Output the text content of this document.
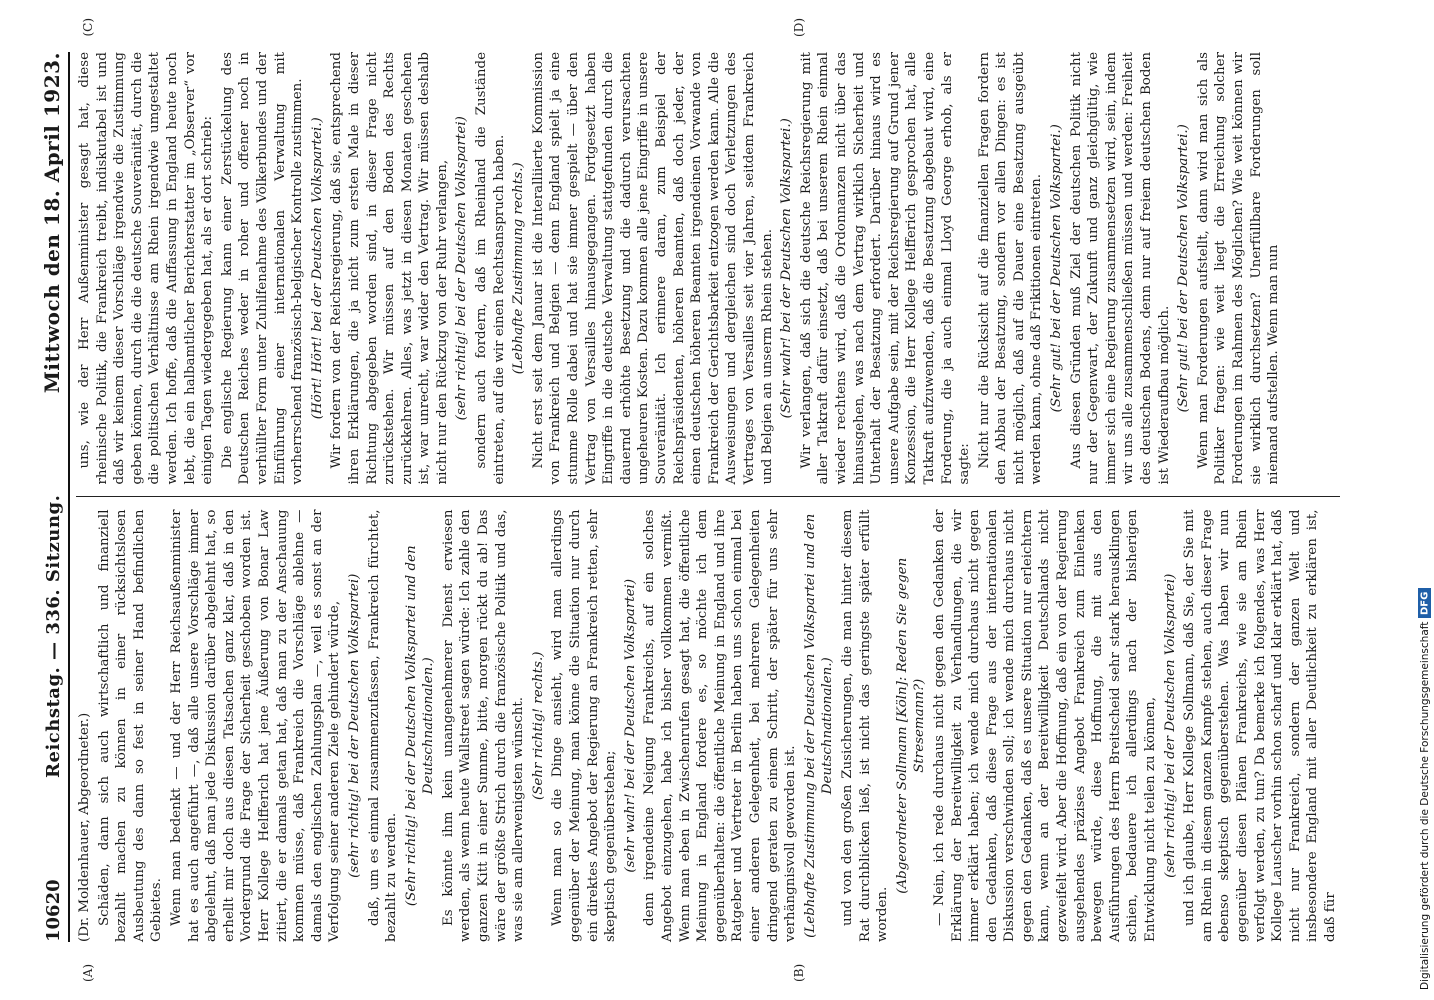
10620
Reichstag. — 336. Sitzung.
Mittwoch den 18. April 1923.
(A)	(B)

(Dr. Moldenhauer, Abgeordneter.) Schäden, dann sich auch wirtschaftlich und finanziell bezahlt machen zu können in einer rücksichtslosen Ausbeutung des dann so fest in seiner Hand befindlichen Gebietes. Wenn man bedenkt — und der Herr Reichsaußenminister hat es auch angeführt —, daß alle unsere Vorschläge immer abgelehnt, daß man jede Diskussion darüber abgelehnt hat, so erhellt mir doch aus diesen Tatsachen ganz klar, daß in den Vordergrund die Frage der Sicherheit geschoben worden ist. Herr Kollege Helfferich hat jene Äußerung von Bonar Law zitiert, die er damals getan hat, daß man zu der Anschauung kommen müsse, daß Frankreich die Vorschläge ablehne — damals den englischen Zahlungsplan —, weil es sonst an der Verfolgung seiner anderen Ziele gehindert würde, (sehr richtig! bei der Deutschen Volkspartei) daß, um es einmal zusammenzufassen, Frankreich fürchtet, bezahlt zu werden. (Sehr richtig! bei der Deutschen Volkspartei und den Deutschnationalen.) Es könnte ihm kein unangenehmerer Dienst erwiesen werden, als wenn heute Wallstreet sagen würde: Ich zahle den ganzen Kitt in einer Summe, bitte, morgen rückt du ab! Das wäre der größte Strich durch die französische Politik und das, was sie am allerwenigsten wünscht. (Sehr richtig! rechts.) Wenn man so die Dinge ansieht, wird man allerdings gegenüber der Meinung, man könne die Situation nur durch ein direktes Angebot der Regierung an Frankreich retten, sehr skeptisch gegenüberstehen; (sehr wahr! bei der Deutschen Volkspartei) denn irgendeine Neigung Frankreichs, auf ein solches Angebot einzugehen, habe ich bisher vollkommen vermißt. Wenn man eben in Zwischenrufen gesagt hat, die öffentliche Meinung in England fordere es, so möchte ich dem gegenüberhalten: die öffentliche Meinung in England und ihre Ratgeber und Vertreter in Berlin haben uns schon einmal bei einer anderen Gelegenheit, bei mehreren Gelegenheiten dringend geraten zu einem Schritt, der später für uns sehr verhängnisvoll geworden ist. (Lebhafte Zustimmung bei der Deutschen Volkspartei und den Deutschnationalen.) und von den großen Zusicherungen, die man hinter diesem Rat durchblicken ließ, ist nicht das geringste später erfüllt worden.

(Abgeordneter Sollmann [Köln]: Reden Sie gegen Stresemann?) — Nein, ich rede durchaus nicht gegen den Gedanken der Erklärung der Bereitwilligkeit zu Verhandlungen, die wir immer erklärt haben; ich wende mich durchaus nicht gegen den Gedanken, daß diese Frage aus der internationalen Diskussion verschwinden soll; ich wende mich durchaus nicht gegen den Gedanken, daß es unsere Situation nur erleichtern kann, wenn an der Bereitwilligkeit Deutschlands nicht gezweifelt wird. Aber die Hoffnung, daß ein von der Regierung ausgehendes präzises Angebot Frankreich zum Einlenken bewegen würde, diese Hoffnung, die mit aus den Ausführungen des Herrn Breitscheid sehr stark herausklingen schien, bedauere ich allerdings nach der bisherigen Entwicklung nicht teilen zu können, (sehr richtig! bei der Deutschen Volkspartei) und ich glaube, Herr Kollege Sollmann, daß Sie, der Sie mit am Rhein in diesem ganzen Kampfe stehen, auch dieser Frage ebenso skeptisch gegenüberstehen. Was haben wir nun gegenüber diesen Plänen Frankreichs, wie sie am Rhein verfolgt werden, zu tun? Da bemerke ich folgendes, was Herr Kollege Lauscher vorhin schon scharf und klar erklärt hat, daß nicht nur Frankreich, sondern der ganzen Welt und insbesondere England mit aller Deutlichkeit zu erklären ist, daß für

(C)	(D)

uns, wie der Herr Außenminister gesagt hat, diese rheinische Politik, die Frankreich treibt, indiskutabel ist und daß wir keinem dieser Vorschläge irgendwie die Zustimmung geben können, durch die die deutsche Souveränität, durch die die politischen Verhältnisse am Rhein irgendwie umgestaltet werden. Ich hoffe, daß die Auffassung in England heute noch lebt, die ein halbamtlicher Berichterstatter im „Observer“ vor einigen Tagen wiedergegeben hat, als er dort schrieb: Die englische Regierung kann einer Zerstückelung des Deutschen Reiches weder in roher und offener noch in verhüllter Form unter Zuhilfenahme des Völkerbundes und der Einführung einer internationalen Verwaltung mit vorherrschend französisch-belgischer Kontrolle zustimmen. (Hört! Hört! bei der Deutschen Volkspartei.) Wir fordern von der Reichsregierung, daß sie, entsprechend ihren Erklärungen, die ja nicht zum ersten Male in dieser Richtung abgegeben worden sind, in dieser Frage nicht zurückstehen. Wir müssen auf den Boden des Rechts zurückkehren. Alles, was jetzt in diesen Monaten geschehen ist, war unrecht, war wider den Vertrag. Wir müssen deshalb nicht nur den Rückzug von der Ruhr verlangen, (sehr richtig! bei der Deutschen Volkspartei) sondern auch fordern, daß im Rheinland die Zustände eintreten, auf die wir einen Rechtsanspruch haben. (Lebhafte Zustimmung rechts.) Nicht erst seit dem Januar ist die Interalliierte Kommission von Frankreich und Belgien — denn England spielt ja eine stumme Rolle dabei und hat sie immer gespielt — über den Vertrag von Versailles hinausgegangen. Fortgesetzt haben Eingriffe in die deutsche Verwaltung stattgefunden durch die dauernd erhöhte Besetzung und die dadurch verursachten ungeheuren Kosten. Dazu kommen alle jene Eingriffe in unsere Souveränität. Ich erinnere daran, zum Beispiel der Reichspräsidenten, höheren Beamten, daß doch jeder, der einen deutschen höheren Beamten irgendeinen Vorwande von Frankreich der Gerichtsbarkeit entzogen werden kann. Alle die Ausweisungen und dergleichen sind doch Verletzungen des Vertrages von Versailles seit vier Jahren, seitdem Frankreich und Belgien an unserm Rhein stehen. (Sehr wahr! bei der Deutschen Volkspartei.) Wir verlangen, daß sich die deutsche Reichsregierung mit aller Tatkraft dafür einsetzt, daß bei unserem Rhein einmal wieder rechtens wird, daß die Ordonnanzen nicht über das hinausgehen, was nach dem Vertrag wirklich Sicherheit und Unterhalt der Besatzung erfordert. Darüber hinaus wird es unsere Aufgabe sein, mit der Reichsregierung auf Grund jener Konzession, die Herr Kollege Helfferich gesprochen hat, alle Tatkraft aufzuwenden, daß die Besatzung abgebaut wird, eine Forderung, die ja auch einmal Lloyd George erhob, als er sagte: Nicht nur die Rücksicht auf die finanziellen Fragen fordern den Abbau der Besatzung, sondern vor allen Dingen: es ist nicht möglich, daß auf die Dauer eine Besatzung ausgeübt werden kann, ohne daß Frikitionen eintreten. (Sehr gut! bei der Deutschen Volkspartei.) Aus diesen Gründen muß Ziel der deutschen Politik nicht nur der Gegenwart, der Zukunft und ganz gleichgültig, wie immer sich eine Regierung zusammensetzen wird, sein, indem wir uns alle zusammenschließen müssen und werden: Freiheit des deutschen Bodens, denn nur auf freiem deutschen Boden ist Wiederaufbau möglich. (Sehr gut! bei der Deutschen Volkspartei.) Wenn man Forderungen aufstellt, dann wird man sich als Politiker fragen: wie weit liegt die Erreichung solcher Forderungen im Rahmen des Möglichen? Wie weit können wir sie wirklich durchsetzen? Unerfüllbare Forderungen soll niemand aufstellen. Wenn man nun

Digitalisierung gefördert durch die Deutsche Forschungsgemeinschaft
DFG
